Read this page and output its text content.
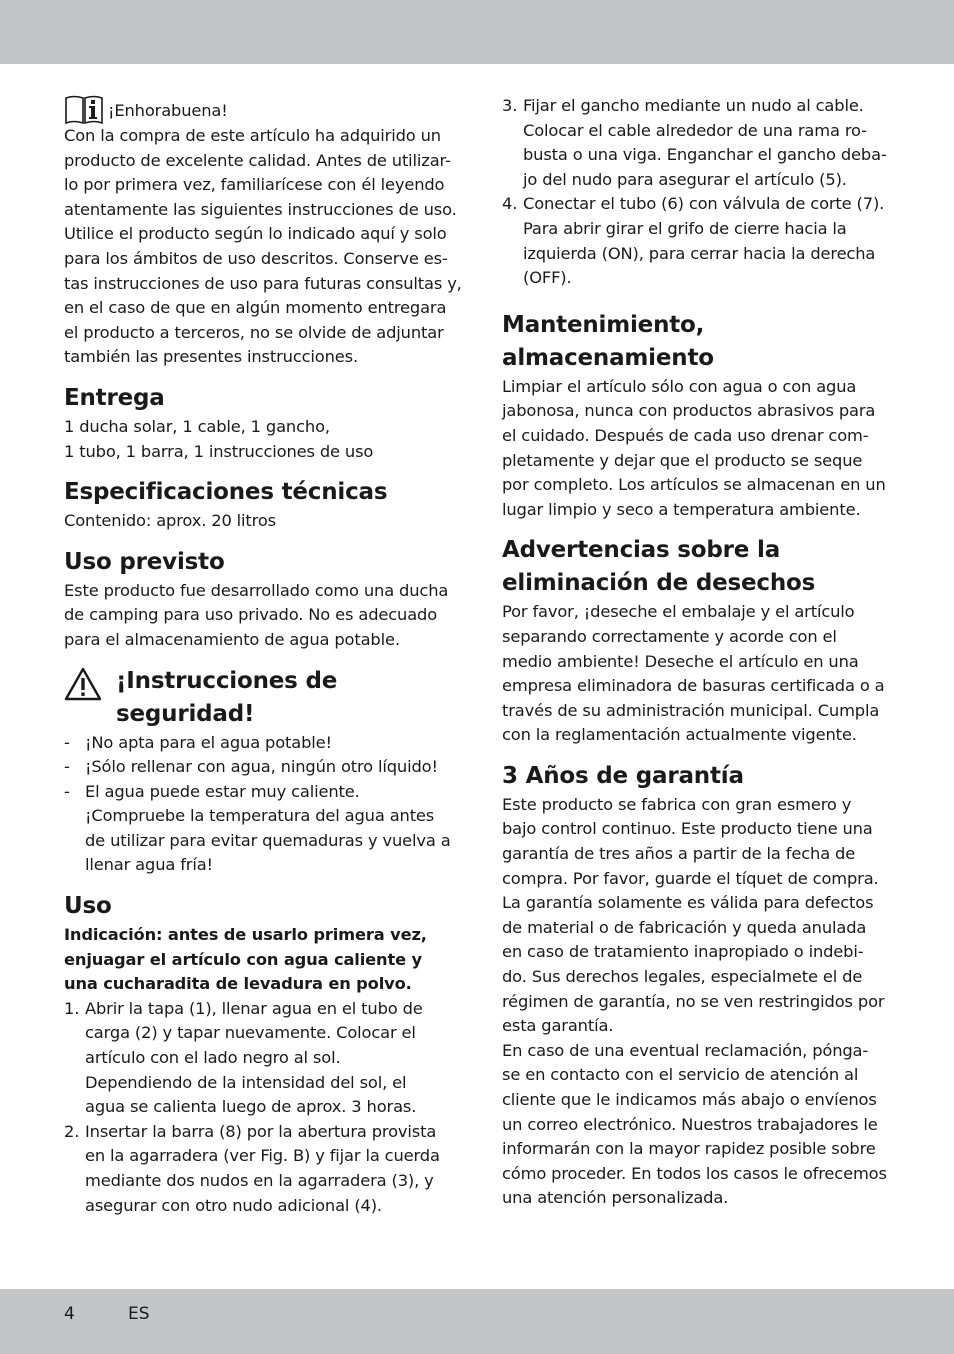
¡Enhorabuena!

Con la compra de este artículo ha adquirido un
producto de excelente calidad. Antes de utilizar-
lo por primera vez, familiarícese con él leyendo
atentamente las siguientes instrucciones de uso.
Utilice el producto según lo indicado aquí y solo
para los ámbitos de uso descritos. Conserve es-
tas instrucciones de uso para futuras consultas y,
en el caso de que en algún momento entregara
el producto a terceros, no se olvide de adjuntar
también las presentes instrucciones.

Entrega

1 ducha solar, 1 cable, 1 gancho,
1 tubo, 1 barra, 1 instrucciones de uso

Especificaciones técnicas

Contenido: aprox. 20 litros

Uso previsto

Este producto fue desarrollado como una ducha
de camping para uso privado. No es adecuado
para el almacenamiento de agua potable.

¡Instrucciones de
seguridad!
- ¡No apta para el agua potable!
- ¡Sólo rellenar con agua, ningún otro líquido!
- El agua puede estar muy caliente.
¡Compruebe la temperatura del agua antes
de utilizar para evitar quemaduras y vuelva a
llenar agua fría!
Uso

Indicación: antes de usarlo primera vez,
enjuagar el artículo con agua caliente y
una cucharadita de levadura en polvo.

1. Abrir la tapa (1), llenar agua en el tubo de
carga (2) y tapar nuevamente. Colocar el
artículo con el lado negro al sol.
Dependiendo de la intensidad del sol, el
agua se calienta luego de aprox. 3 horas.
2. Insertar la barra (8) por la abertura provista
en la agarradera (ver Fig. B) y fijar la cuerda
mediante dos nudos en la agarradera (3), y
asegurar con otro nudo adicional (4).
3. Fijar el gancho mediante un nudo al cable.
Colocar el cable alrededor de una rama ro-
busta o una viga. Enganchar el gancho deba-
jo del nudo para asegurar el artículo (5).
4. Conectar el tubo (6) con válvula de corte (7).
Para abrir girar el grifo de cierre hacia la
izquierda (ON), para cerrar hacia la derecha
(OFF).
Mantenimiento,
almacenamiento

Limpiar el artículo sólo con agua o con agua
jabonosa, nunca con productos abrasivos para
el cuidado. Después de cada uso drenar com-
pletamente y dejar que el producto se seque
por completo. Los artículos se almacenan en un
lugar limpio y seco a temperatura ambiente.

Advertencias sobre la
eliminación de desechos

Por favor, ¡deseche el embalaje y el artículo
separando correctamente y acorde con el
medio ambiente! Deseche el artículo en una
empresa eliminadora de basuras certificada o a
través de su administración municipal. Cumpla
con la reglamentación actualmente vigente.

3 Años de garantía

Este producto se fabrica con gran esmero y
bajo control continuo. Este producto tiene una
garantía de tres años a partir de la fecha de
compra. Por favor, guarde el tíquet de compra.
La garantía solamente es válida para defectos
de material o de fabricación y queda anulada
en caso de tratamiento inapropiado o indebi-
do. Sus derechos legales, especialmete el de
régimen de garantía, no se ven restringidos por
esta garantía.
En caso de una eventual reclamación, pónga-
se en contacto con el servicio de atención al
cliente que le indicamos más abajo o envíenos
un correo electrónico. Nuestros trabajadores le
informarán con la mayor rapidez posible sobre
cómo proceder. En todos los casos le ofrecemos
una atención personalizada.

4	ES
